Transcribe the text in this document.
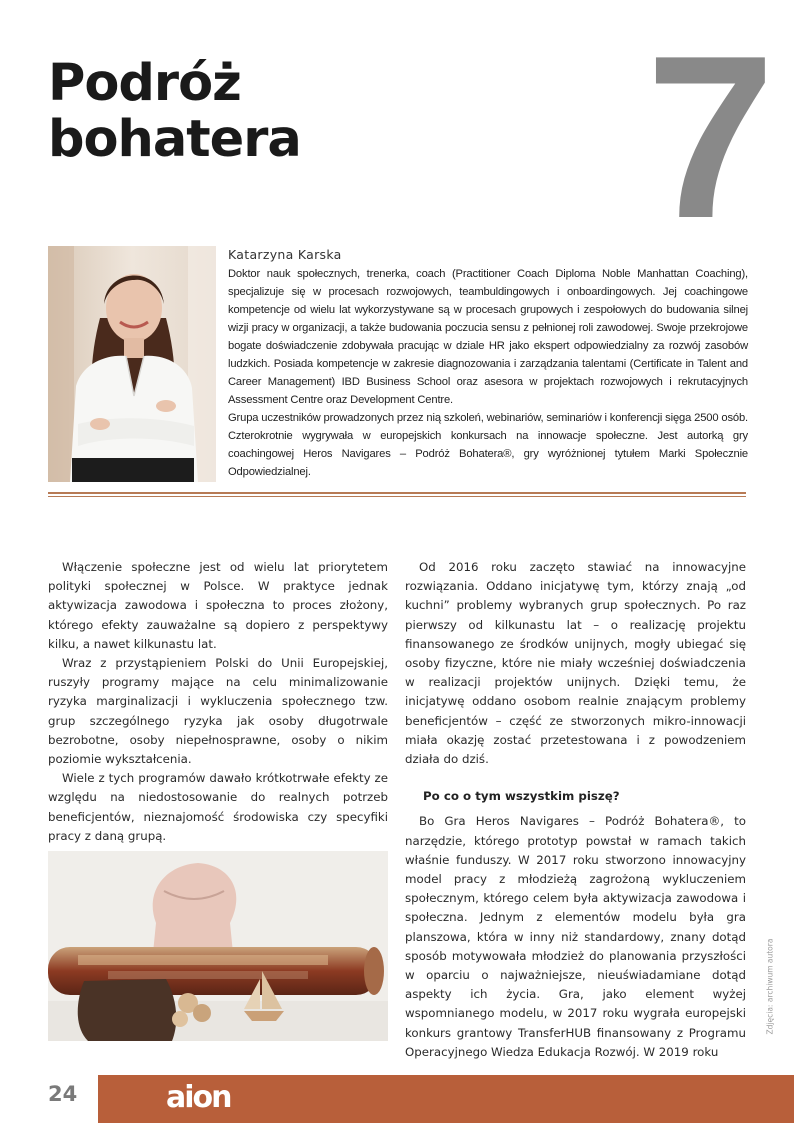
Podróż
bohatera 7
Katarzyna Karska

Doktor nauk społecznych, trenerka, coach (Practitioner Coach Diploma Noble Manhattan Coaching), specjalizuje się w procesach rozwojowych, teambuldingowych i onboardingowych. Jej coachingowe kompetencje od wielu lat wykorzystywane są w procesach grupowych i zespołowych do budowania silnej wizji pracy w organizacji, a także budowania poczucia sensu z pełnionej roli zawodowej. Swoje przekrojowe bogate doświadczenie zdobywała pracując w dziale HR jako ekspert odpowiedzialny za rozwój zasobów ludzkich. Posiada kompetencje w zakresie diagnozowania i zarządzania talentami (Certificate in Talent and Career Management) IBD Business School oraz asesora w projektach rozwojowych i rekrutacyjnych Assessment Centre oraz Development Centre.

Grupa uczestników prowadzonych przez nią szkoleń, webinariów, seminariów i konferencji sięga 2500 osób. Czterokrotnie wygrywała w europejskich konkursach na innowacje społeczne. Jest autorką gry coachingowej Heros Navigares – Podróż Bohatera®, gry wyróżnionej tytułem Marki Społecznie Odpowiedzialnej.

Włączenie społeczne jest od wielu lat priorytetem polityki społecznej w Polsce. W praktyce jednak aktywizacja zawodowa i społeczna to proces złożony, którego efekty zauważalne są dopiero z perspektywy kilku, a nawet kilkunastu lat.

Wraz z przystąpieniem Polski do Unii Europejskiej, ruszyły programy mające na celu minimalizowanie ryzyka marginalizacji i wykluczenia społecznego tzw. grup szczególnego ryzyka jak osoby długotrwale bezrobotne, osoby niepełnosprawne, osoby o nikim poziomie wykształcenia.

Wiele z tych programów dawało krótkotrwałe efekty ze względu na niedostosowanie do realnych potrzeb beneficjentów, nieznajomość środowiska czy specyfiki pracy z daną grupą.

Od 2016 roku zaczęto stawiać na innowacyjne rozwiązania. Oddano inicjatywę tym, którzy znają „od kuchni” problemy wybranych grup społecznych. Po raz pierwszy od kilkunastu lat – o realizację projektu finansowanego ze środków unijnych, mogły ubiegać się osoby fizyczne, które nie miały wcześniej doświadczenia w realizacji projektów unijnych. Dzięki temu, że inicjatywę oddano osobom realnie znającym problemy beneficjentów – część ze stworzonych mikro-innowacji miała okazję zostać przetestowana i z powodzeniem działa do dziś.

Po co o tym wszystkim piszę?

Bo Gra Heros Navigares – Podróż Bohatera®, to narzędzie, którego prototyp powstał w ramach takich właśnie funduszy. W 2017 roku stworzono innowacyjny model pracy z młodzieżą zagrożoną wykluczeniem społecznym, którego celem była aktywizacja zawodowa i społeczna. Jednym z elementów modelu była gra planszowa, która w inny niż standardowy, znany dotąd sposób motywowała młodzież do planowania przyszłości w oparciu o najważniejsze, nieuświadamiane dotąd aspekty ich życia. Gra, jako element wyżej wspomnianego modelu, w 2017 roku wygrała europejski konkurs grantowy TransferHUB finansowany z Programu Operacyjnego Wiedza Edukacja Rozwój. W 2019 roku

Zdjęcia: archiwum autora
24	aion
